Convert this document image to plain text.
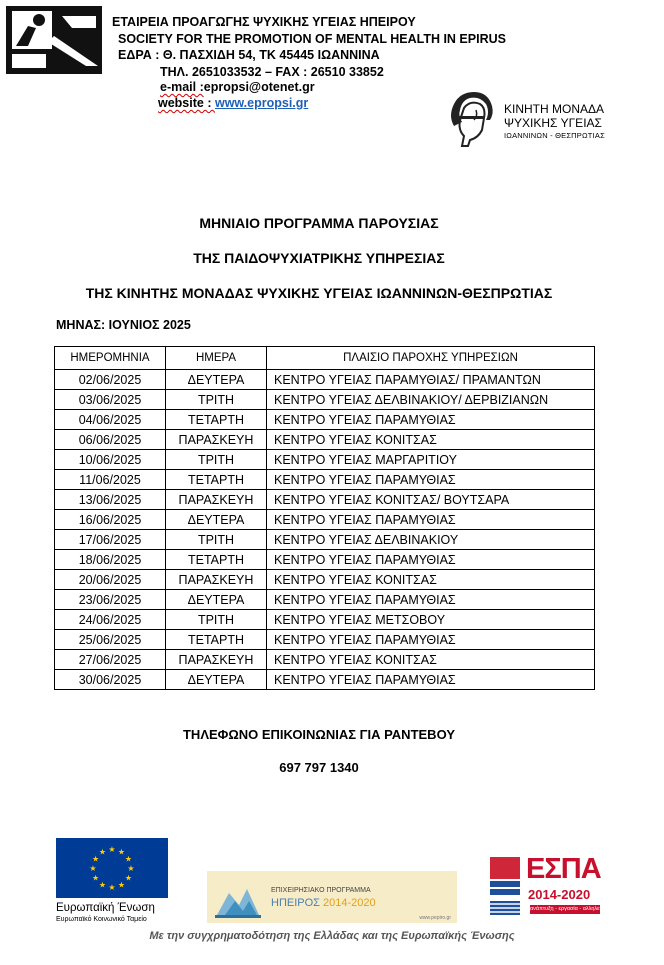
ΕΤΑΙΡΕΙΑ ΠΡΟΑΓΩΓΗΣ ΨΥΧΙΚΗΣ ΥΓΕΙΑΣ ΗΠΕΙΡΟΥ
SOCIETY FOR THE PROMOTION OF MENTAL HEALTH IN EPIRUS
ΕΔΡΑ : Θ. ΠΑΣΧΙΔΗ 54, ΤΚ 45445 ΙΩΑΝΝΙΝΑ
ΤΗΛ. 2651033532 – FAX : 26510 33852
e-mail :epropsi@otenet.gr
website : www.epropsi.gr	ΚΙΝΗΤΗ ΜΟΝΑΔΑ
ΨΥΧΙΚΗΣ ΥΓΕΙΑΣ
ΙΩΑΝΝΙΝΩΝ - ΘΕΣΠΡΩΤΙΑΣ
ΜΗΝΙΑΙΟ ΠΡΟΓΡΑΜΜΑ ΠΑΡΟΥΣΙΑΣ
ΤΗΣ ΠΑΙΔΟΨΥΧΙΑΤΡΙΚΗΣ ΥΠΗΡΕΣΙΑΣ
ΤΗΣ ΚΙΝΗΤΗΣ ΜΟΝΑΔΑΣ ΨΥΧΙΚΗΣ ΥΓΕΙΑΣ ΙΩΑΝΝΙΝΩΝ-ΘΕΣΠΡΩΤΙΑΣ
ΜΗΝΑΣ: ΙΟΥΝΙΟΣ 2025
ΗΜΕΡΟΜΗΝΙΑ	ΗΜΕΡΑ	ΠΛΑΙΣΙΟ ΠΑΡΟΧΗΣ ΥΠΗΡΕΣΙΩΝ
02/06/2025	ΔΕΥΤΕΡΑ	ΚΕΝΤΡΟ ΥΓΕΙΑΣ ΠΑΡΑΜΥΘΙΑΣ/ ΠΡΑΜΑΝΤΩΝ
03/06/2025	ΤΡΙΤΗ	ΚΕΝΤΡΟ ΥΓΕΙΑΣ ΔΕΛΒΙΝΑΚΙΟΥ/ ΔΕΡΒΙΖΙΑΝΩΝ
04/06/2025	ΤΕΤΑΡΤΗ	ΚΕΝΤΡΟ ΥΓΕΙΑΣ ΠΑΡΑΜΥΘΙΑΣ
06/06/2025	ΠΑΡΑΣΚΕΥΗ	ΚΕΝΤΡΟ ΥΓΕΙΑΣ ΚΟΝΙΤΣΑΣ
10/06/2025	ΤΡΙΤΗ	ΚΕΝΤΡΟ ΥΓΕΙΑΣ ΜΑΡΓΑΡΙΤΙΟΥ
11/06/2025	ΤΕΤΑΡΤΗ	ΚΕΝΤΡΟ ΥΓΕΙΑΣ ΠΑΡΑΜΥΘΙΑΣ
13/06/2025	ΠΑΡΑΣΚΕΥΗ	ΚΕΝΤΡΟ ΥΓΕΙΑΣ ΚΟΝΙΤΣΑΣ/ ΒΟΥΤΣΑΡΑ
16/06/2025	ΔΕΥΤΕΡΑ	ΚΕΝΤΡΟ ΥΓΕΙΑΣ ΠΑΡΑΜΥΘΙΑΣ
17/06/2025	ΤΡΙΤΗ	ΚΕΝΤΡΟ ΥΓΕΙΑΣ ΔΕΛΒΙΝΑΚΙΟΥ
18/06/2025	ΤΕΤΑΡΤΗ	ΚΕΝΤΡΟ ΥΓΕΙΑΣ ΠΑΡΑΜΥΘΙΑΣ
20/06/2025	ΠΑΡΑΣΚΕΥΗ	ΚΕΝΤΡΟ ΥΓΕΙΑΣ ΚΟΝΙΤΣΑΣ
23/06/2025	ΔΕΥΤΕΡΑ	ΚΕΝΤΡΟ ΥΓΕΙΑΣ ΠΑΡΑΜΥΘΙΑΣ
24/06/2025	ΤΡΙΤΗ	ΚΕΝΤΡΟ ΥΓΕΙΑΣ ΜΕΤΣΟΒΟΥ
25/06/2025	ΤΕΤΑΡΤΗ	ΚΕΝΤΡΟ ΥΓΕΙΑΣ ΠΑΡΑΜΥΘΙΑΣ
27/06/2025	ΠΑΡΑΣΚΕΥΗ	ΚΕΝΤΡΟ ΥΓΕΙΑΣ ΚΟΝΙΤΣΑΣ
30/06/2025	ΔΕΥΤΕΡΑ	ΚΕΝΤΡΟ ΥΓΕΙΑΣ ΠΑΡΑΜΥΘΙΑΣ
ΤΗΛΕΦΩΝΟ ΕΠΙΚΟΙΝΩΝΙΑΣ ΓΙΑ ΡΑΝΤΕΒΟΥ
697 797 1340
★
★
★
★
★
★
★
★
★ ★ ★
★
Ευρωπαϊκή Ένωση
Ευρωπαϊκό Κοινωνικό Ταμείο
ΕΠΙΧΕΙΡΗΣΙΑΚΟ ΠΡΟΓΡΑΜΜΑ
ΗΠΕΙΡΟΣ 2014-2020
www.pepiro.gr
ΕΣΠΑ
2014-2020
ανάπτυξη - εργασία - αλληλεγγύη
Με την συγχρηματοδότηση της Ελλάδας και της Ευρωπαϊκής Ένωσης
